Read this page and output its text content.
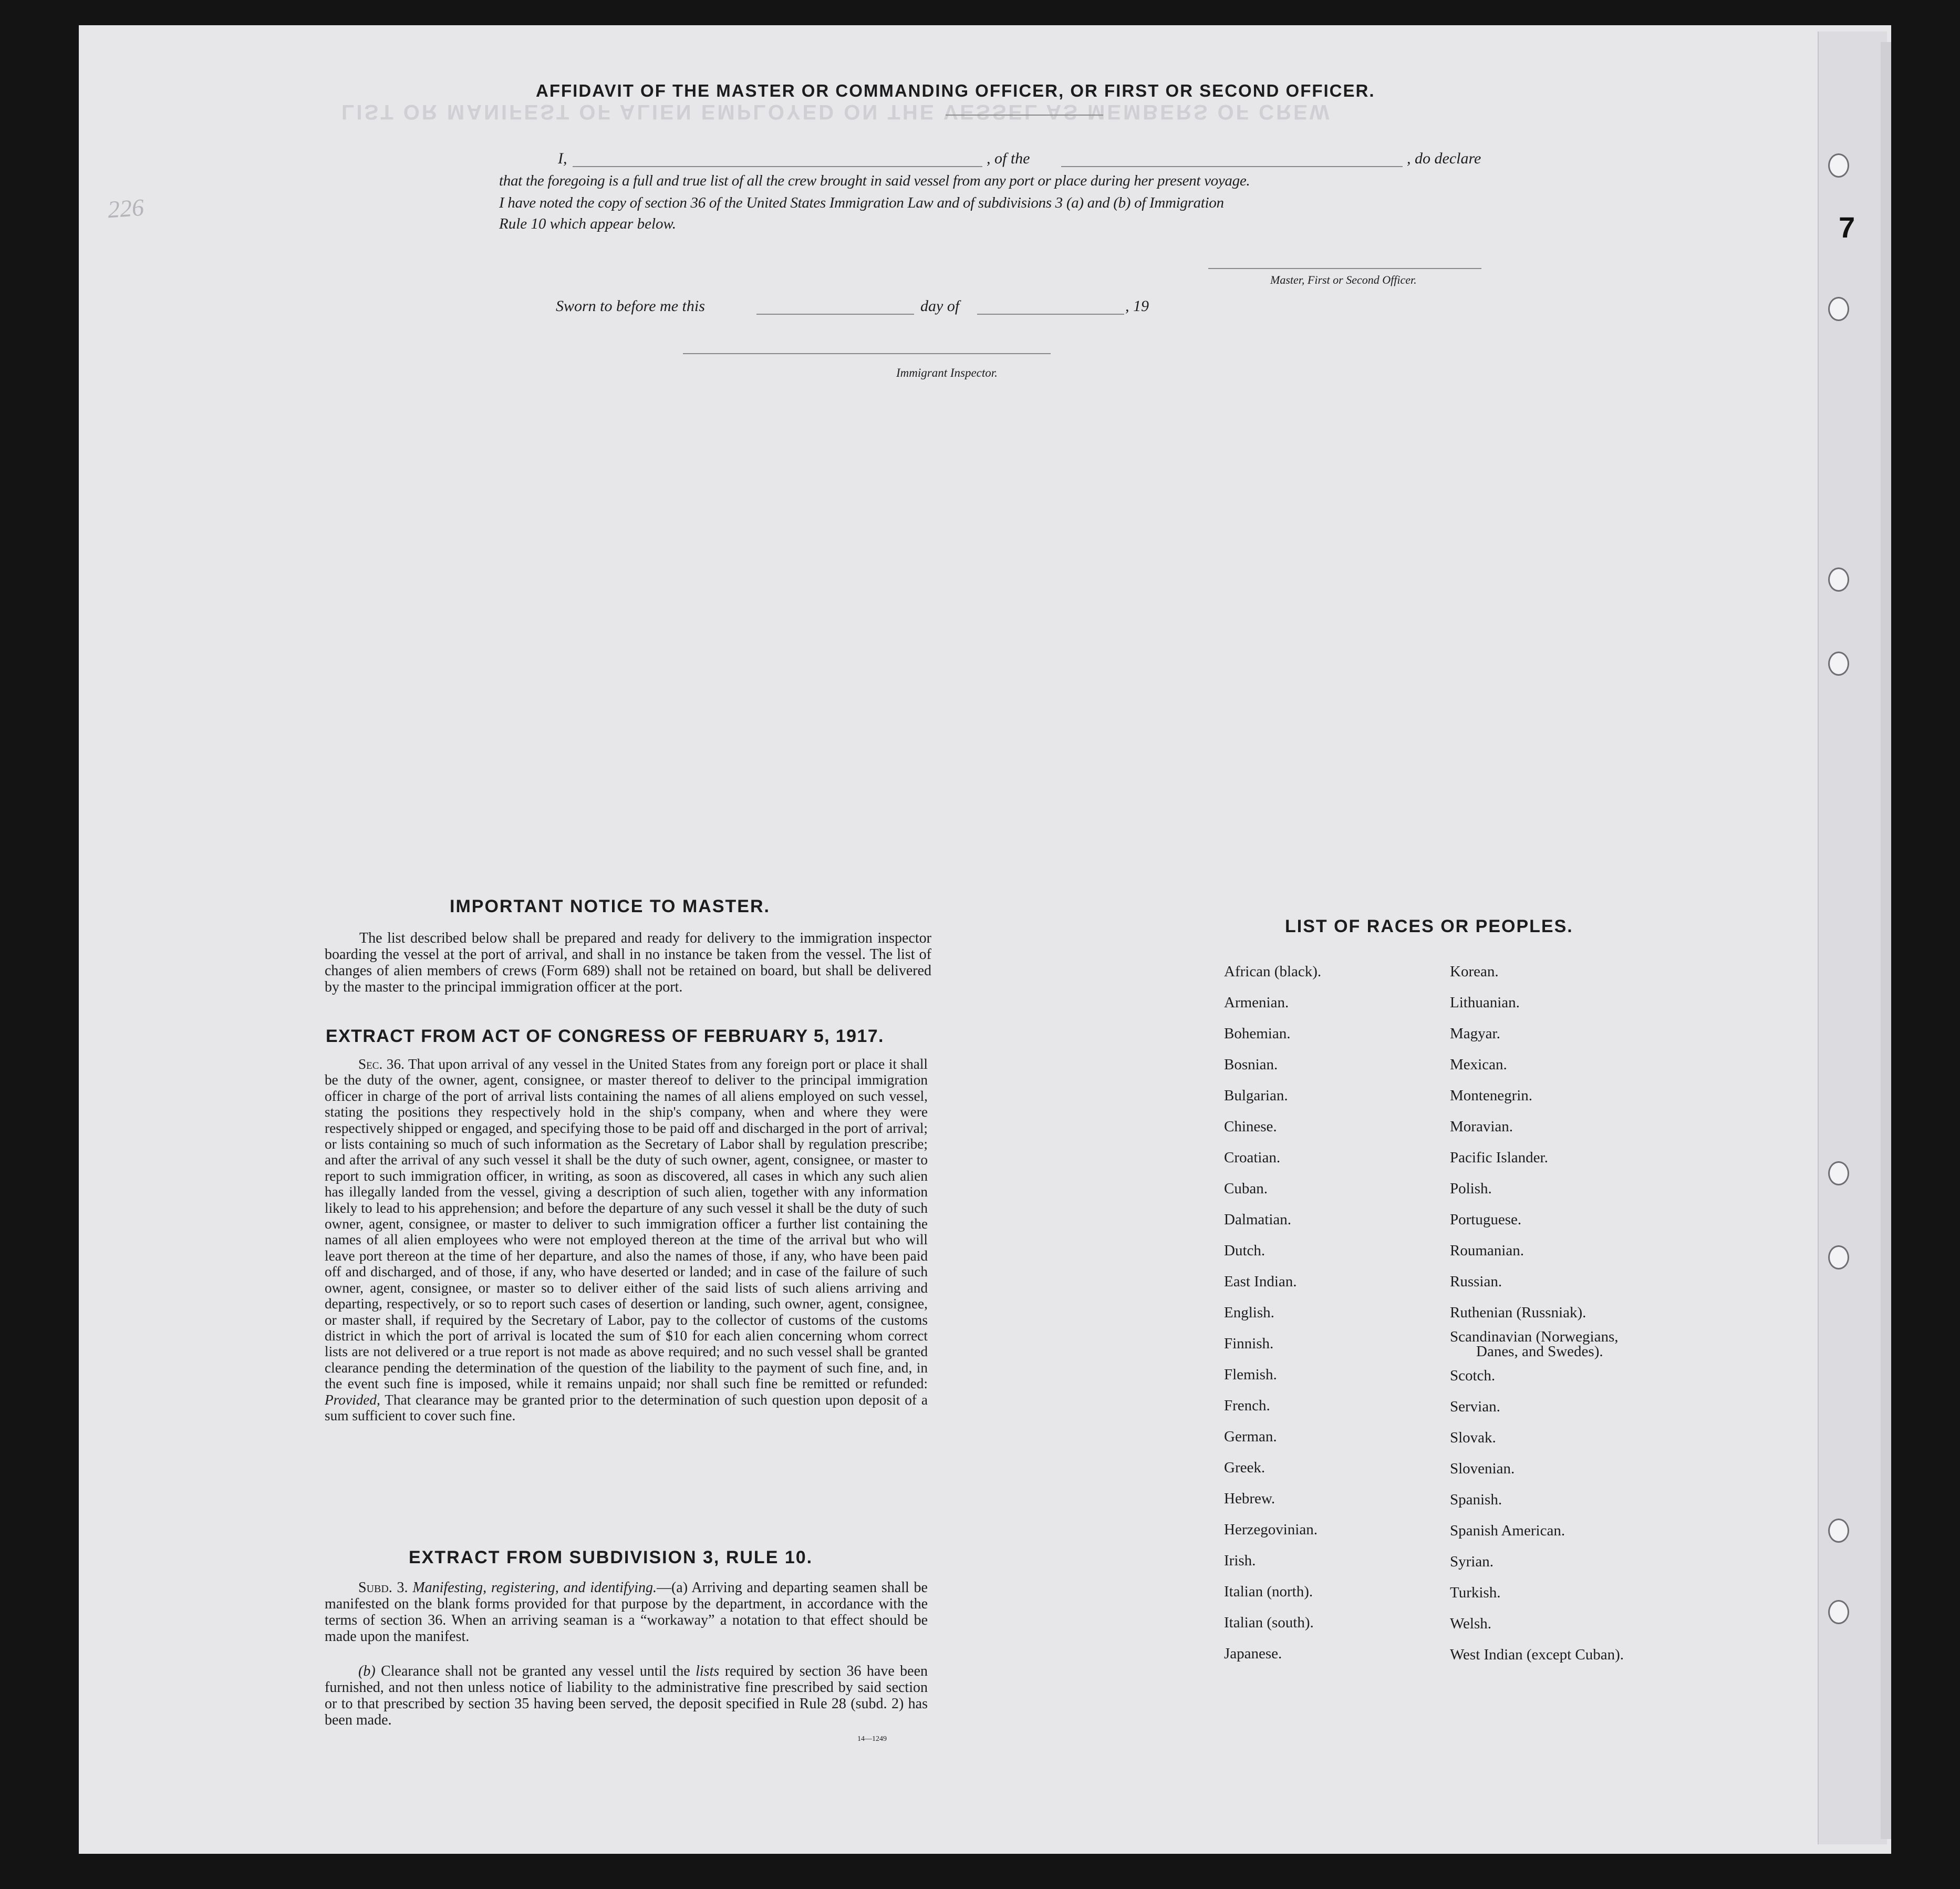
LIST OR MANIFEST OF ALIEN EMPLOYED ON THE VESSEL AS MEMBERS OF CREW
226
7
AFFIDAVIT OF THE MASTER OR COMMANDING OFFICER, OR FIRST OR SECOND OFFICER.
I,	, of the	, do declare
that the foregoing is a full and true list of all the crew brought in said vessel from any port or place during her present voyage.
I have noted the copy of section 36 of the United States Immigration Law and of subdivisions 3 (a) and (b) of Immigration
Rule 10 which appear below.
Master, First or Second Officer.
Sworn to before me this	day of	, 19
Immigrant Inspector.
IMPORTANT NOTICE TO MASTER.
The list described below shall be prepared and ready for delivery to the immigration inspector boarding the vessel at the port of arrival, and shall in no instance be taken from the vessel. The list of changes of alien members of crews (Form 689) shall not be retained on board, but shall be delivered by the master to the principal immigration officer at the port.
EXTRACT FROM ACT OF CONGRESS OF FEBRUARY 5, 1917.
Sec. 36. That upon arrival of any vessel in the United States from any foreign port or place it shall be the duty of the owner, agent, consignee, or master thereof to deliver to the principal immigration officer in charge of the port of arrival lists containing the names of all aliens employed on such vessel, stating the positions they respectively hold in the ship's company, when and where they were respectively shipped or engaged, and specifying those to be paid off and discharged in the port of arrival; or lists containing so much of such information as the Secretary of Labor shall by regulation prescribe; and after the arrival of any such vessel it shall be the duty of such owner, agent, consignee, or master to report to such immigration officer, in writing, as soon as discovered, all cases in which any such alien has illegally landed from the vessel, giving a description of such alien, together with any information likely to lead to his apprehension; and before the departure of any such vessel it shall be the duty of such owner, agent, consignee, or master to deliver to such immigration officer a further list containing the names of all alien employees who were not employed thereon at the time of the arrival but who will leave port thereon at the time of her departure, and also the names of those, if any, who have been paid off and discharged, and of those, if any, who have deserted or landed; and in case of the failure of such owner, agent, consignee, or master so to deliver either of the said lists of such aliens arriving and departing, respectively, or so to report such cases of desertion or landing, such owner, agent, consignee, or master shall, if required by the Secretary of Labor, pay to the collector of customs of the customs district in which the port of arrival is located the sum of $10 for each alien concerning whom correct lists are not delivered or a true report is not made as above required; and no such vessel shall be granted clearance pending the determination of the question of the liability to the payment of such fine, and, in the event such fine is imposed, while it remains unpaid; nor shall such fine be remitted or refunded: Provided, That clearance may be granted prior to the determination of such question upon deposit of a sum sufficient to cover such fine.
EXTRACT FROM SUBDIVISION 3, RULE 10.
Subd. 3. Manifesting, registering, and identifying.—(a) Arriving and departing seamen shall be manifested on the blank forms provided for that purpose by the department, in accordance with the terms of section 36. When an arriving seaman is a “workaway” a notation to that effect should be made upon the manifest.
(b) Clearance shall not be granted any vessel until the lists required by section 36 have been furnished, and not then unless notice of liability to the administrative fine prescribed by said section or to that prescribed by section 35 having been served, the deposit specified in Rule 28 (subd. 2) has been made.
14—1249
LIST OF RACES OR PEOPLES.
African (black).
Armenian.
Bohemian.
Bosnian.
Bulgarian.
Chinese.
Croatian.
Cuban.
Dalmatian.
Dutch.
East Indian.
English.
Finnish.
Flemish.
French.
German.
Greek.
Hebrew.
Herzegovinian.
Irish.
Italian (north).
Italian (south).
Japanese.
Korean.
Lithuanian.
Magyar.
Mexican.
Montenegrin.
Moravian.
Pacific Islander.
Polish.
Portuguese.
Roumanian.
Russian.
Ruthenian (Russniak).
Scandinavian (Norwegians,
Danes, and Swedes).
Scotch.
Servian.
Slovak.
Slovenian.
Spanish.
Spanish American.
Syrian.
Turkish.
Welsh.
West Indian (except Cuban).
